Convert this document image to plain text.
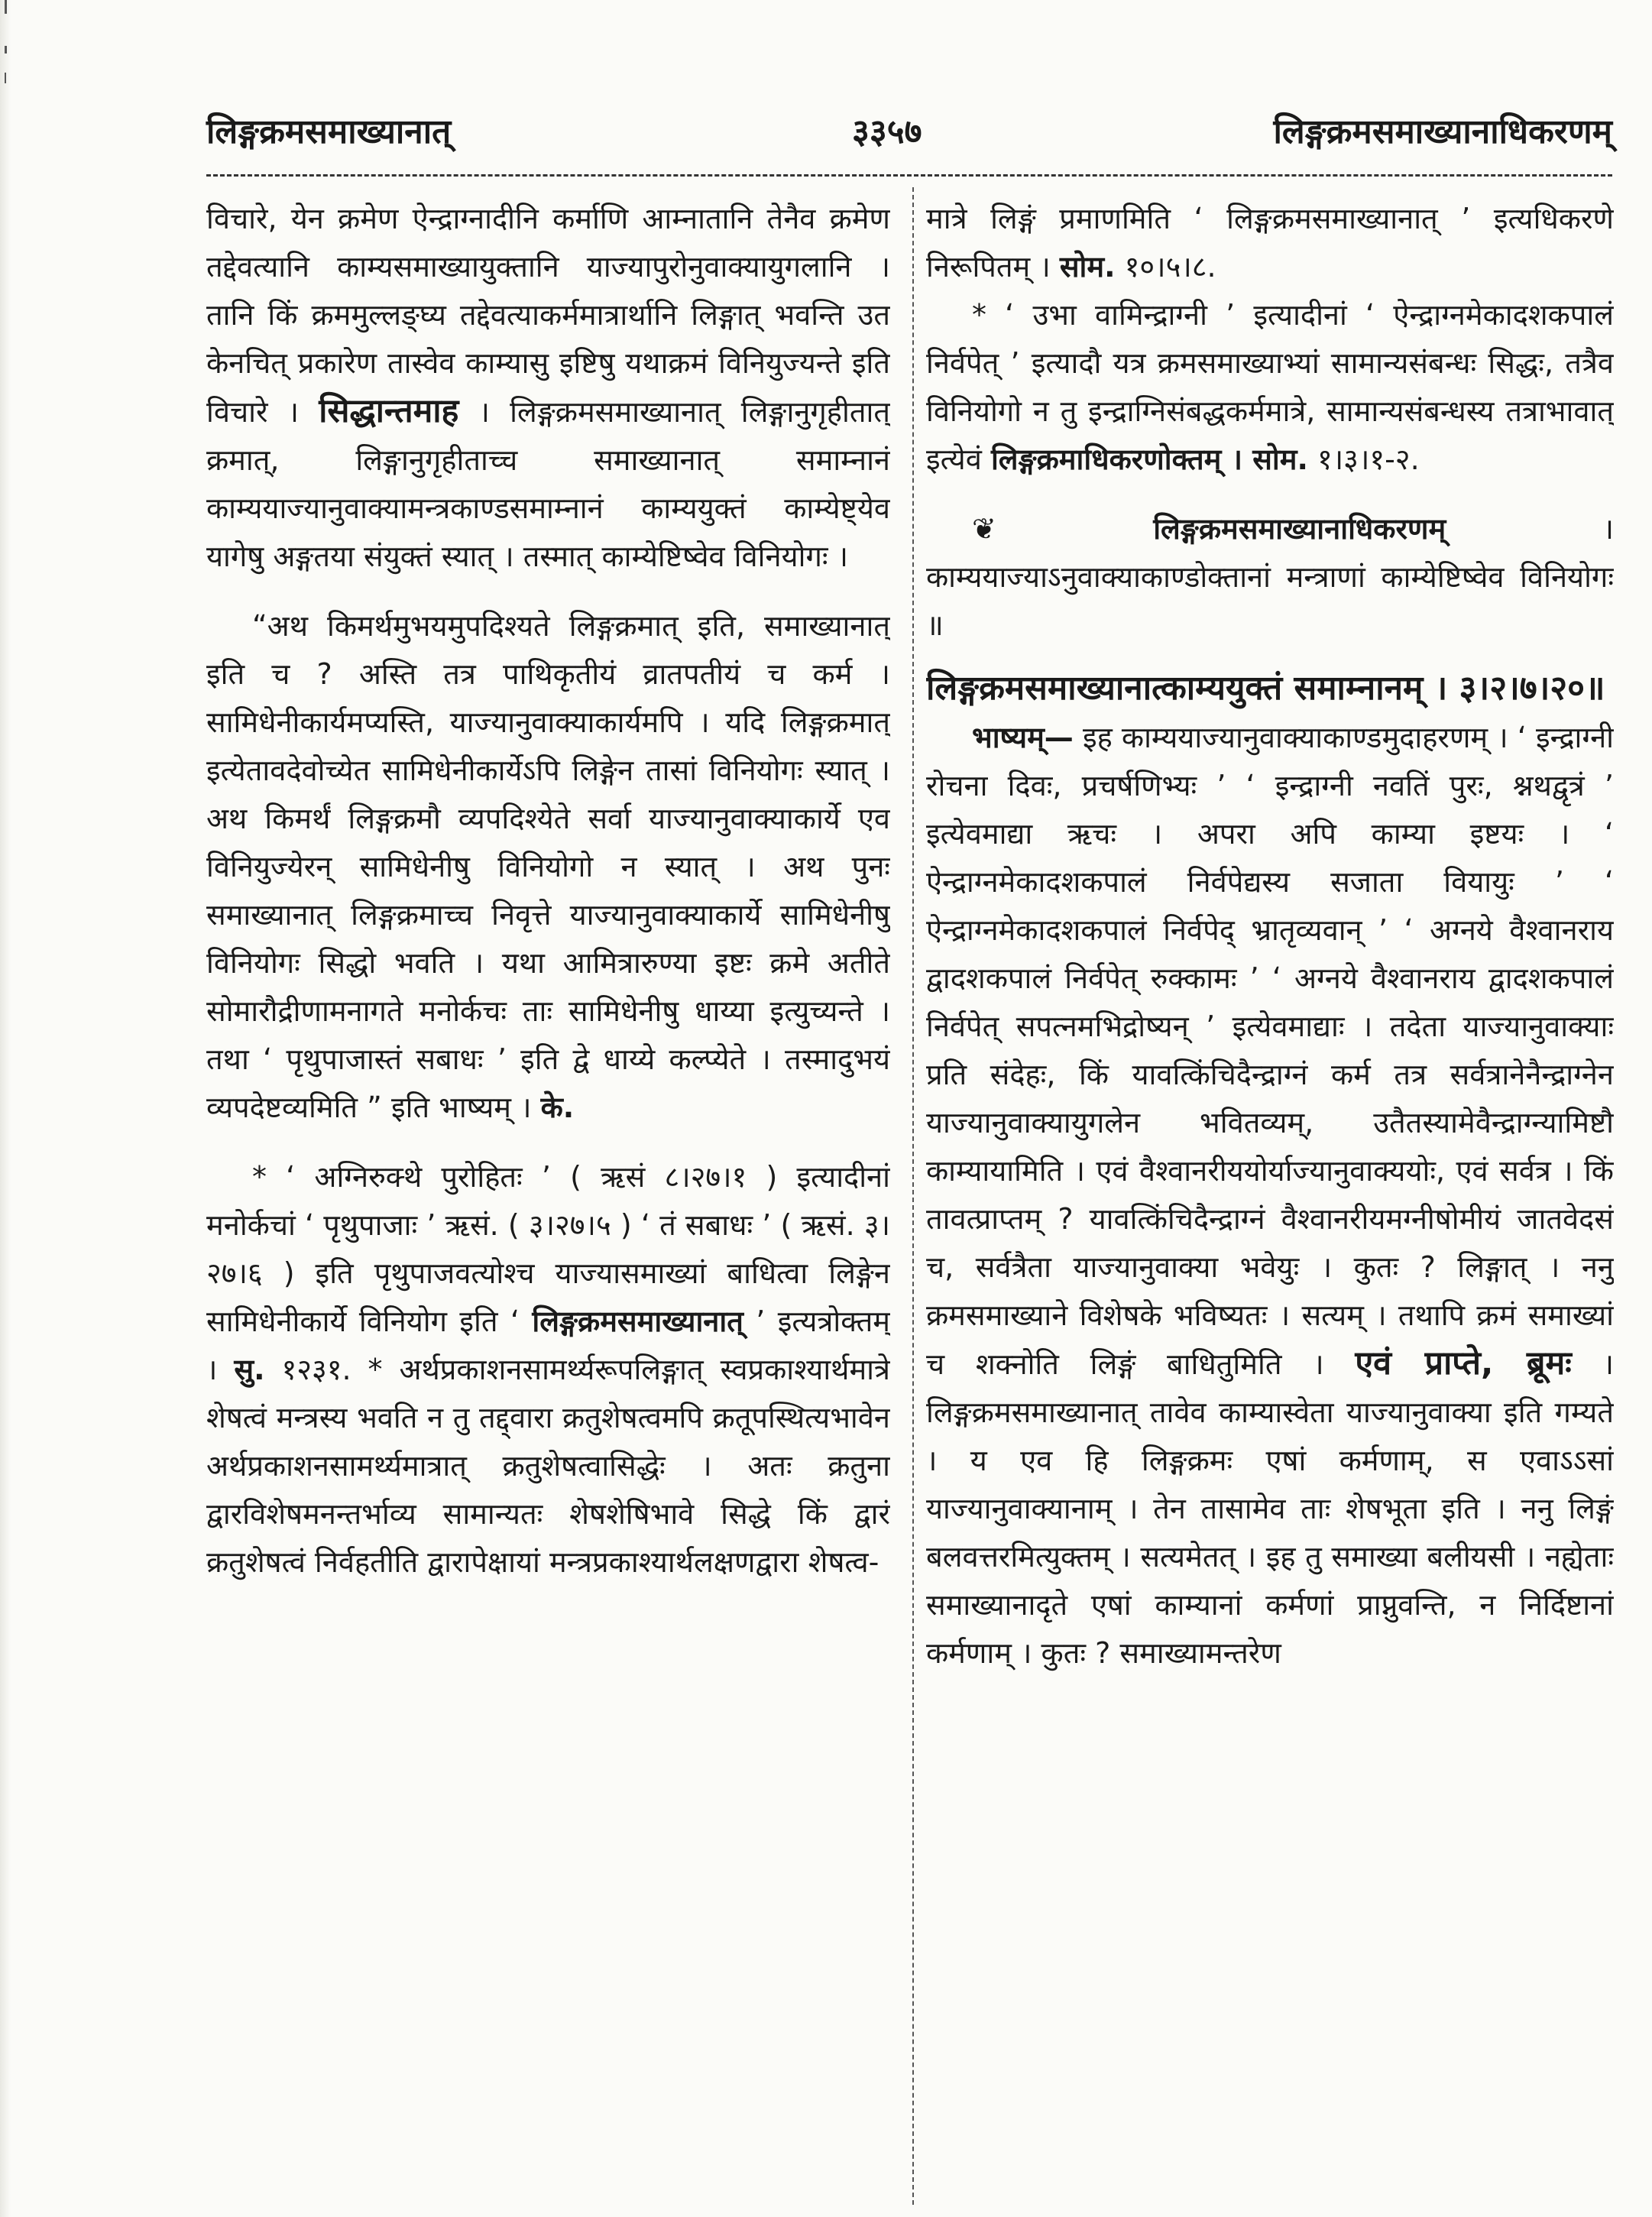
लिङ्गक्रमसमाख्यानात्	३३५७	लिङ्गक्रमसमाख्यानाधिकरणम्

विचारे, येन क्रमेण ऐन्द्राग्नादीनि कर्माणि आम्नातानि तेनैव क्रमेण तद्देवत्यानि काम्यसमाख्यायुक्तानि याज्यापुरोनुवाक्यायुगलानि । तानि किं क्रममुल्लङ्घ्य तद्देवत्याकर्ममात्रार्थानि लिङ्गात् भवन्ति उत केनचित् प्रकारेण तास्वेव काम्यासु इष्टिषु यथाक्रमं विनियुज्यन्ते इति विचारे । सिद्धान्तमाह । लिङ्गक्रमसमाख्यानात् लिङ्गानुगृहीतात् क्रमात्, लिङ्गानुगृहीताच्च समाख्यानात् समाम्नानं काम्ययाज्यानुवाक्यामन्त्रकाण्डसमाम्नानं काम्ययुक्तं काम्येष्ट्येव यागेषु अङ्गतया संयुक्तं स्यात् । तस्मात् काम्येष्टिष्वेव विनियोगः ।

“अथ किमर्थमुभयमुपदिश्यते लिङ्गक्रमात् इति, समाख्यानात् इति च ? अस्ति तत्र पाथिकृतीयं व्रातपतीयं च कर्म । सामिधेनीकार्यमप्यस्ति, याज्यानुवाक्याकार्यमपि । यदि लिङ्गक्रमात् इत्येतावदेवोच्येत सामिधेनीकार्येऽपि लिङ्गेन तासां विनियोगः स्यात् । अथ किमर्थं लिङ्गक्रमौ व्यपदिश्येते सर्वा याज्यानुवाक्याकार्ये एव विनियुज्येरन् सामिधेनीषु विनियोगो न स्यात् । अथ पुनः समाख्यानात् लिङ्गक्रमाच्च निवृत्ते याज्यानुवाक्याकार्ये सामिधेनीषु विनियोगः सिद्धो भवति । यथा आमित्रारुण्या इष्टः क्रमे अतीते सोमारौद्रीणामनागते मनोर्कचः ताः सामिधेनीषु धाय्या इत्युच्यन्ते । तथा ‘ पृथुपाजास्तं सबाधः ’ इति द्वे धाय्ये कल्प्येते । तस्मादुभयं व्यपदेष्टव्यमिति ” इति भाष्यम् । के.

* ‘ अग्निरुक्थे पुरोहितः ’ ( ऋसं ८।२७।१ ) इत्यादीनां मनोर्कचां ‘ पृथुपाजाः ’ ऋसं. ( ३।२७।५ ) ‘ तं सबाधः ’ ( ऋसं. ३।२७।६ ) इति पृथुपाजवत्योश्च याज्यासमाख्यां बाधित्वा लिङ्गेन सामिधेनीकार्ये विनियोग इति ‘ लिङ्गक्रमसमाख्यानात् ’ इत्यत्रोक्तम् । सु. १२३१. * अर्थप्रकाशनसामर्थ्यरूपलिङ्गात् स्वप्रकाश्यार्थमात्रे शेषत्वं मन्त्रस्य भवति न तु तद्द्वारा क्रतुशेषत्वमपि क्रतूपस्थित्यभावेन अर्थप्रकाशनसामर्थ्यमात्रात् क्रतुशेषत्वासिद्धेः । अतः क्रतुना द्वारविशेषमनन्तर्भाव्य सामान्यतः शेषशेषिभावे सिद्धे किं द्वारं क्रतुशेषत्वं निर्वहतीति द्वारापेक्षायां मन्त्रप्रकाश्यार्थलक्षणद्वारा शेषत्व-

मात्रे लिङ्गं प्रमाणमिति ‘ लिङ्गक्रमसमाख्यानात् ’ इत्यधिकरणे निरूपितम् । सोम. १०।५।८.

* ‘ उभा वामिन्द्राग्नी ’ इत्यादीनां ‘ ऐन्द्राग्नमेकादशकपालं निर्वपेत् ’ इत्यादौ यत्र क्रमसमाख्याभ्यां सामान्यसंबन्धः सिद्धः, तत्रैव विनियोगो न तु इन्द्राग्निसंबद्धकर्ममात्रे, सामान्यसंबन्धस्य तत्राभावात् इत्येवं लिङ्गक्रमाधिकरणोक्तम् । सोम. १।३।१-२.

❦ लिङ्गक्रमसमाख्यानाधिकरणम्	। काम्ययाज्याऽनुवाक्याकाण्डोक्तानां मन्त्राणां काम्येष्टिष्वेव विनियोगः ॥

लिङ्गक्रमसमाख्यानात्काम्ययुक्तं समाम्नानम् । ३।२।७।२०॥

भाष्यम्— इह काम्ययाज्यानुवाक्याकाण्डमुदाहरणम् । ‘ इन्द्राग्नी रोचना दिवः, प्रचर्षणिभ्यः ’ ‘ इन्द्राग्नी नवतिं पुरः, श्नथद्वृत्रं ’ इत्येवमाद्या ऋचः । अपरा अपि काम्या इष्टयः । ‘ ऐन्द्राग्नमेकादशकपालं निर्वपेद्यस्य सजाता वियायुः ’ ‘ ऐन्द्राग्नमेकादशकपालं निर्वपेद् भ्रातृव्यवान् ’ ‘ अग्नये वैश्वानराय द्वादशकपालं निर्वपेत् रुक्कामः ’ ‘ अग्नये वैश्वानराय द्वादशकपालं निर्वपेत् सपत्नमभिद्रोष्यन् ’ इत्येवमाद्याः । तदेता याज्यानुवाक्याः प्रति संदेहः, किं यावत्किंचिदैन्द्राग्नं कर्म तत्र सर्वत्रानेनैन्द्राग्नेन याज्यानुवाक्यायुगलेन भवितव्यम्, उतैतस्यामेवैन्द्राग्न्यामिष्टौ काम्यायामिति । एवं वैश्वानरीययोर्याज्यानुवाक्ययोः, एवं सर्वत्र । किं तावत्प्राप्तम् ? यावत्किंचिदैन्द्राग्नं वैश्वानरीयमग्नीषोमीयं जातवेदसं च, सर्वत्रैता याज्यानुवाक्या भवेयुः । कुतः ? लिङ्गात् । ननु क्रमसमाख्याने विशेषके भविष्यतः । सत्यम् । तथापि क्रमं समाख्यां च शक्नोति लिङ्गं बाधितुमिति । एवं प्राप्ते, ब्रूमः । लिङ्गक्रमसमाख्यानात् तावेव काम्यास्वेता याज्यानुवाक्या इति गम्यते । य एव हि लिङ्गक्रमः एषां कर्मणाम्, स एवाऽऽसां याज्यानुवाक्यानाम् । तेन तासामेव ताः शेषभूता इति । ननु लिङ्गं बलवत्तरमित्युक्तम् । सत्यमेतत् । इह तु समाख्या बलीयसी । नह्येताः समाख्यानादृते एषां काम्यानां कर्मणां प्राप्नुवन्ति, न निर्दिष्टानां कर्मणाम् । कुतः ? समाख्यामन्तरेण
